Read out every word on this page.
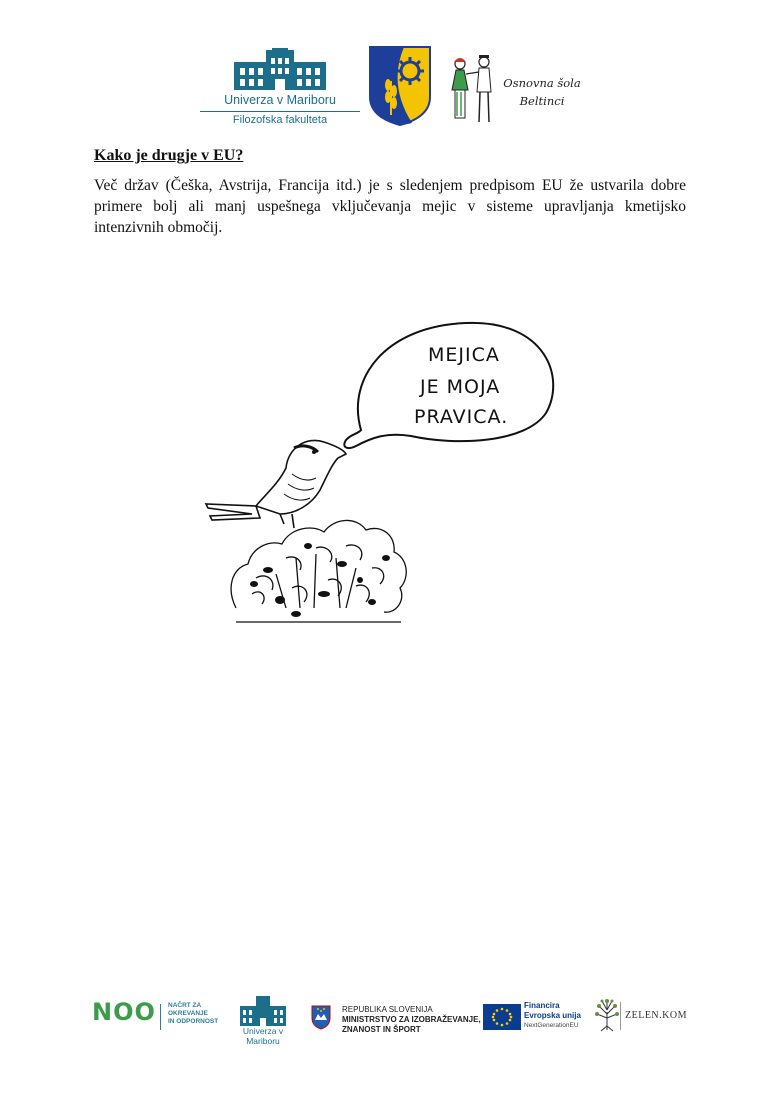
Univerza v Mariboru
Filozofska fakulteta
Osnovna šola
Beltinci
Kako je drugje v EU?

Več držav (Češka, Avstrija, Francija itd.) je s sledenjem predpisom EU že ustvarila dobre primere bolj ali manj uspešnega vključevanja mejic v sisteme upravljanja kmetijsko intenzivnih območij.

MEJICA
JE MOJA
PRAVICA.
NOO NAČRT ZA
OKREVANJE
IN ODPORNOST
Univerza v Mariboru
REPUBLIKA SLOVENIJA
MINISTRSTVO ZA IZOBRAŽEVANJE,
ZNANOST IN ŠPORT
Financira
Evropska unija
NextGenerationEU
ZELEN.KOM
